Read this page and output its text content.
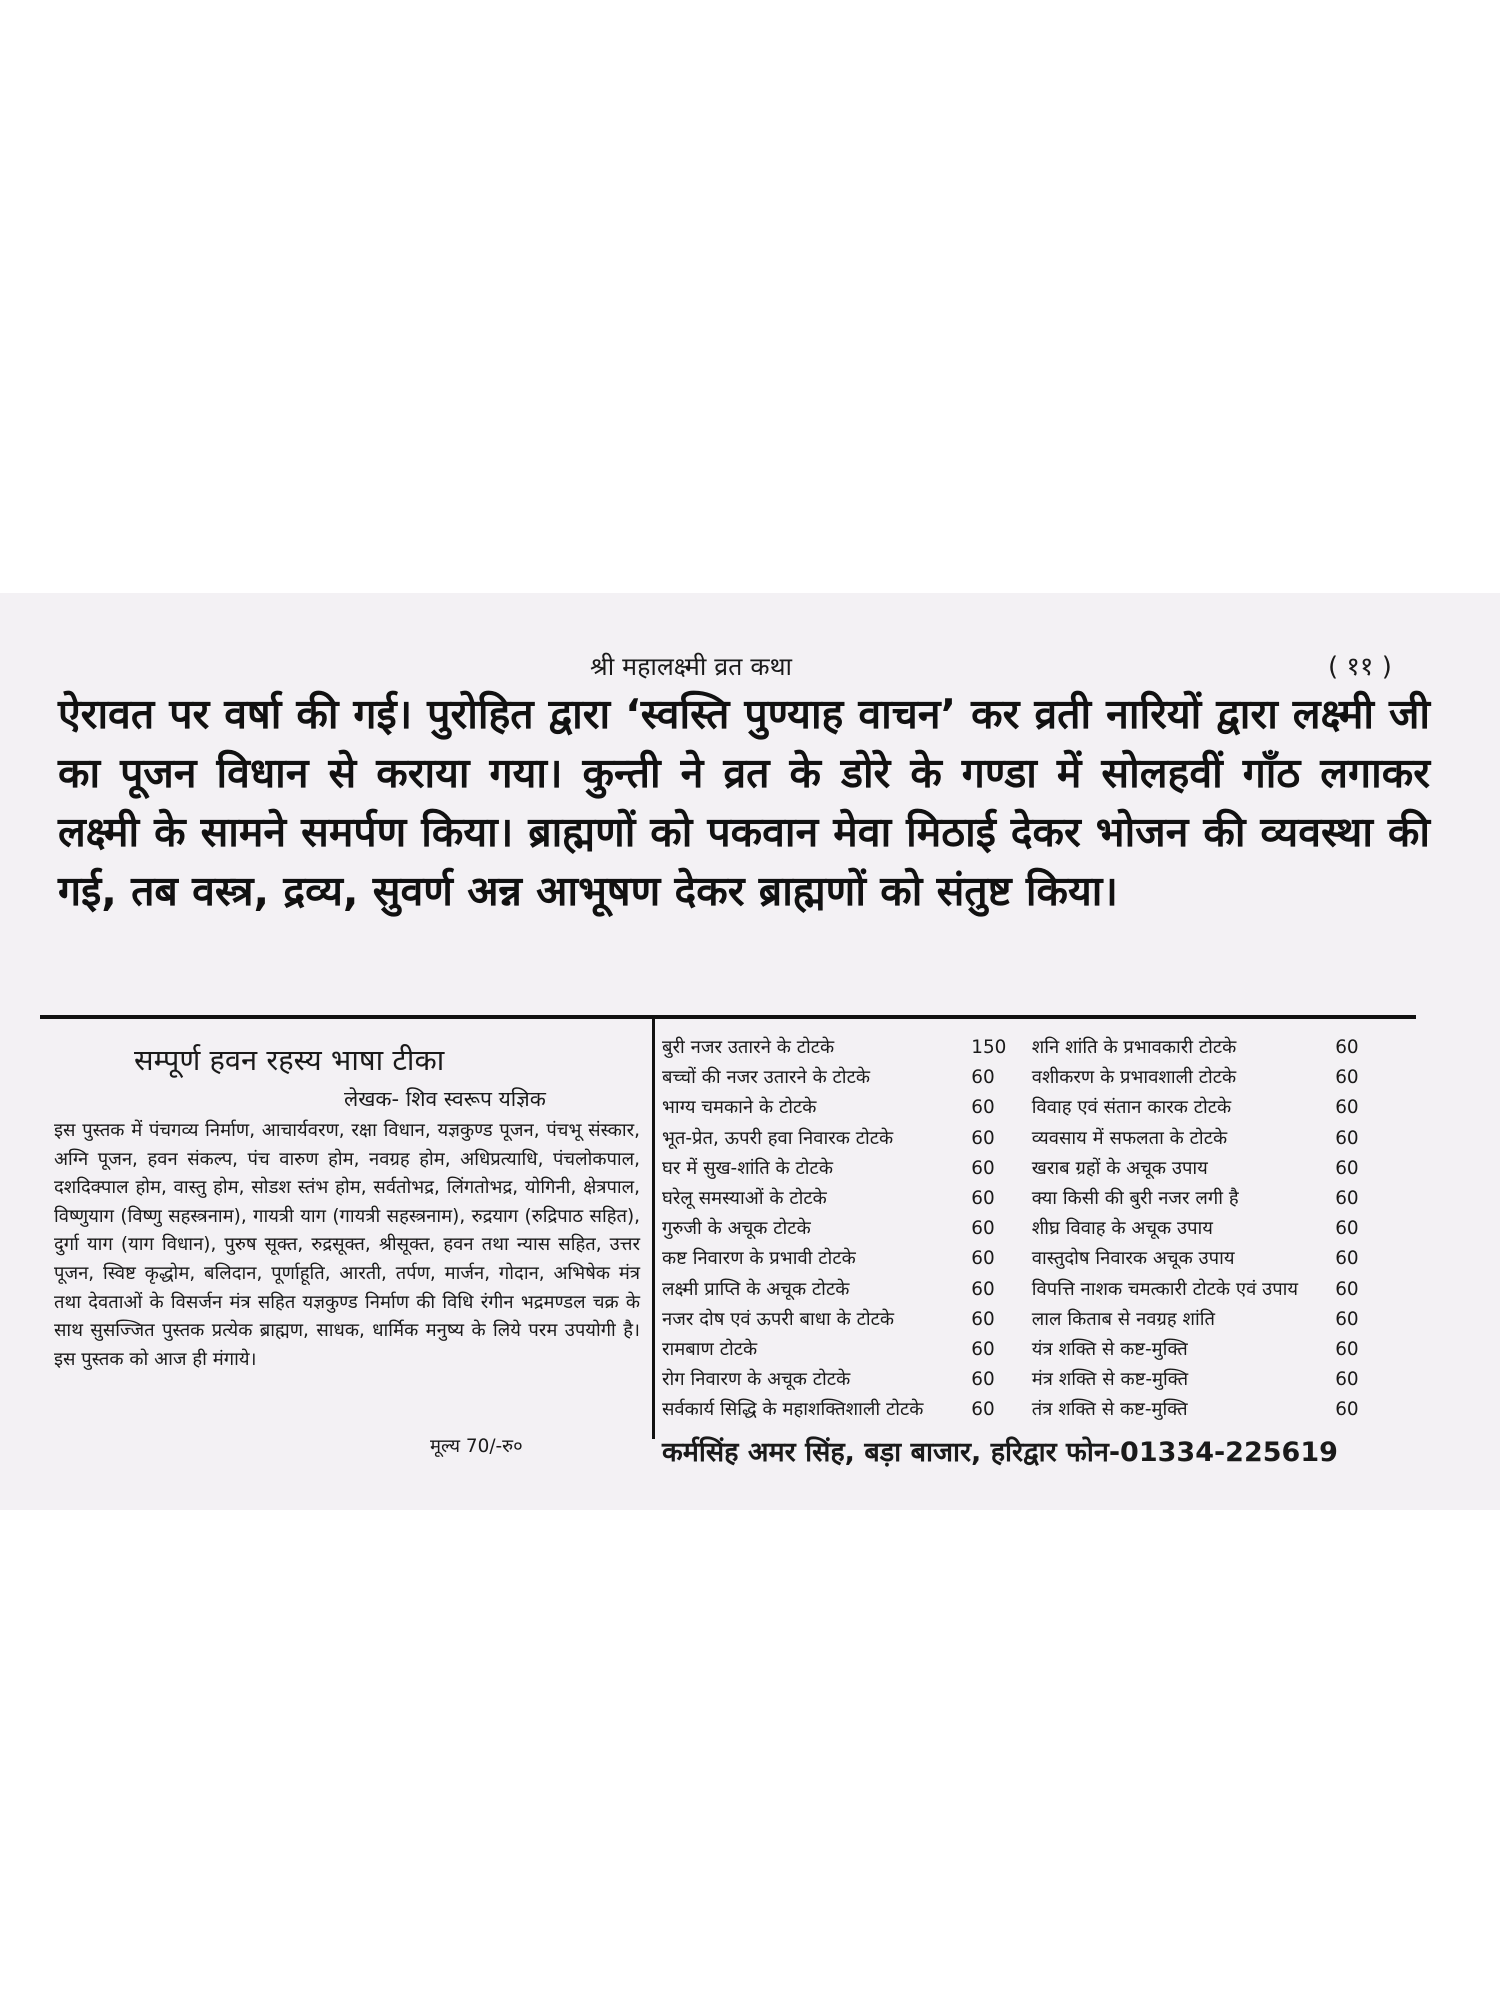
श्री महालक्ष्मी व्रत कथा	( ११ )

ऐरावत पर वर्षा की गई। पुरोहित द्वारा ‘स्वस्ति पुण्याह वाचन’ कर व्रती नारियों द्वारा लक्ष्मी जी का पूजन विधान से कराया गया। कुन्ती ने व्रत के डोरे के गण्डा में सोलहवीं गाँठ लगाकर लक्ष्मी के सामने समर्पण किया। ब्राह्मणों को पकवान मेवा मिठाई देकर भोजन की व्यवस्था की गई, तब वस्त्र, द्रव्य, सुवर्ण अन्न आभूषण देकर ब्राह्मणों को संतुष्ट किया।

सम्पूर्ण हवन रहस्य भाषा टीका
लेखक- शिव स्वरूप यज्ञिक

इस पुस्तक में पंचगव्य निर्माण, आचार्यवरण, रक्षा विधान, यज्ञकुण्ड पूजन, पंचभू संस्कार, अग्नि पूजन, हवन संकल्प, पंच वारुण होम, नवग्रह होम, अधिप्रत्याधि, पंचलोकपाल, दशदिक्पाल होम, वास्तु होम, सोडश स्तंभ होम, सर्वतोभद्र, लिंगतोभद्र, योगिनी, क्षेत्रपाल, विष्णुयाग (विष्णु सहस्त्रनाम), गायत्री याग (गायत्री सहस्त्रनाम), रुद्रयाग (रुद्रिपाठ सहित), दुर्गा याग (याग विधान), पुरुष सूक्त, रुद्रसूक्त, श्रीसूक्त, हवन तथा न्यास सहित, उत्तर पूजन, स्विष्ट कृद्धोम, बलिदान, पूर्णाहूति, आरती, तर्पण, मार्जन, गोदान, अभिषेक मंत्र तथा देवताओं के विसर्जन मंत्र सहित यज्ञकुण्ड निर्माण की विधि रंगीन भद्रमण्डल चक्र के साथ सुसज्जित पुस्तक प्रत्येक ब्राह्मण, साधक, धार्मिक मनुष्य के लिये परम उपयोगी है। इस पुस्तक को आज ही मंगाये।

मूल्य 70/-रु०
बुरी नजर उतारने के टोटके	150	शनि शांति के प्रभावकारी टोटके	60
बच्चों की नजर उतारने के टोटके	60	वशीकरण के प्रभावशाली टोटके	60
भाग्य चमकाने के टोटके	60	विवाह एवं संतान कारक टोटके	60
भूत-प्रेत, ऊपरी हवा निवारक टोटके	60	व्यवसाय में सफलता के टोटके	60
घर में सुख-शांति के टोटके	60	खराब ग्रहों के अचूक उपाय	60
घरेलू समस्याओं के टोटके	60	क्या किसी की बुरी नजर लगी है	60
गुरुजी के अचूक टोटके	60	शीघ्र विवाह के अचूक उपाय	60
कष्ट निवारण के प्रभावी टोटके	60	वास्तुदोष निवारक अचूक उपाय	60
लक्ष्मी प्राप्ति के अचूक टोटके	60	विपत्ति नाशक चमत्कारी टोटके एवं उपाय	60
नजर दोष एवं ऊपरी बाधा के टोटके	60	लाल किताब से नवग्रह शांति	60
रामबाण टोटके	60	यंत्र शक्ति से कष्ट-मुक्ति	60
रोग निवारण के अचूक टोटके	60	मंत्र शक्ति से कष्ट-मुक्ति	60
सर्वकार्य सिद्धि के महाशक्तिशाली टोटके	60	तंत्र शक्ति से कष्ट-मुक्ति	60
कर्मसिंह अमर सिंह, बड़ा बाजार, हरिद्वार फोन-01334-225619
